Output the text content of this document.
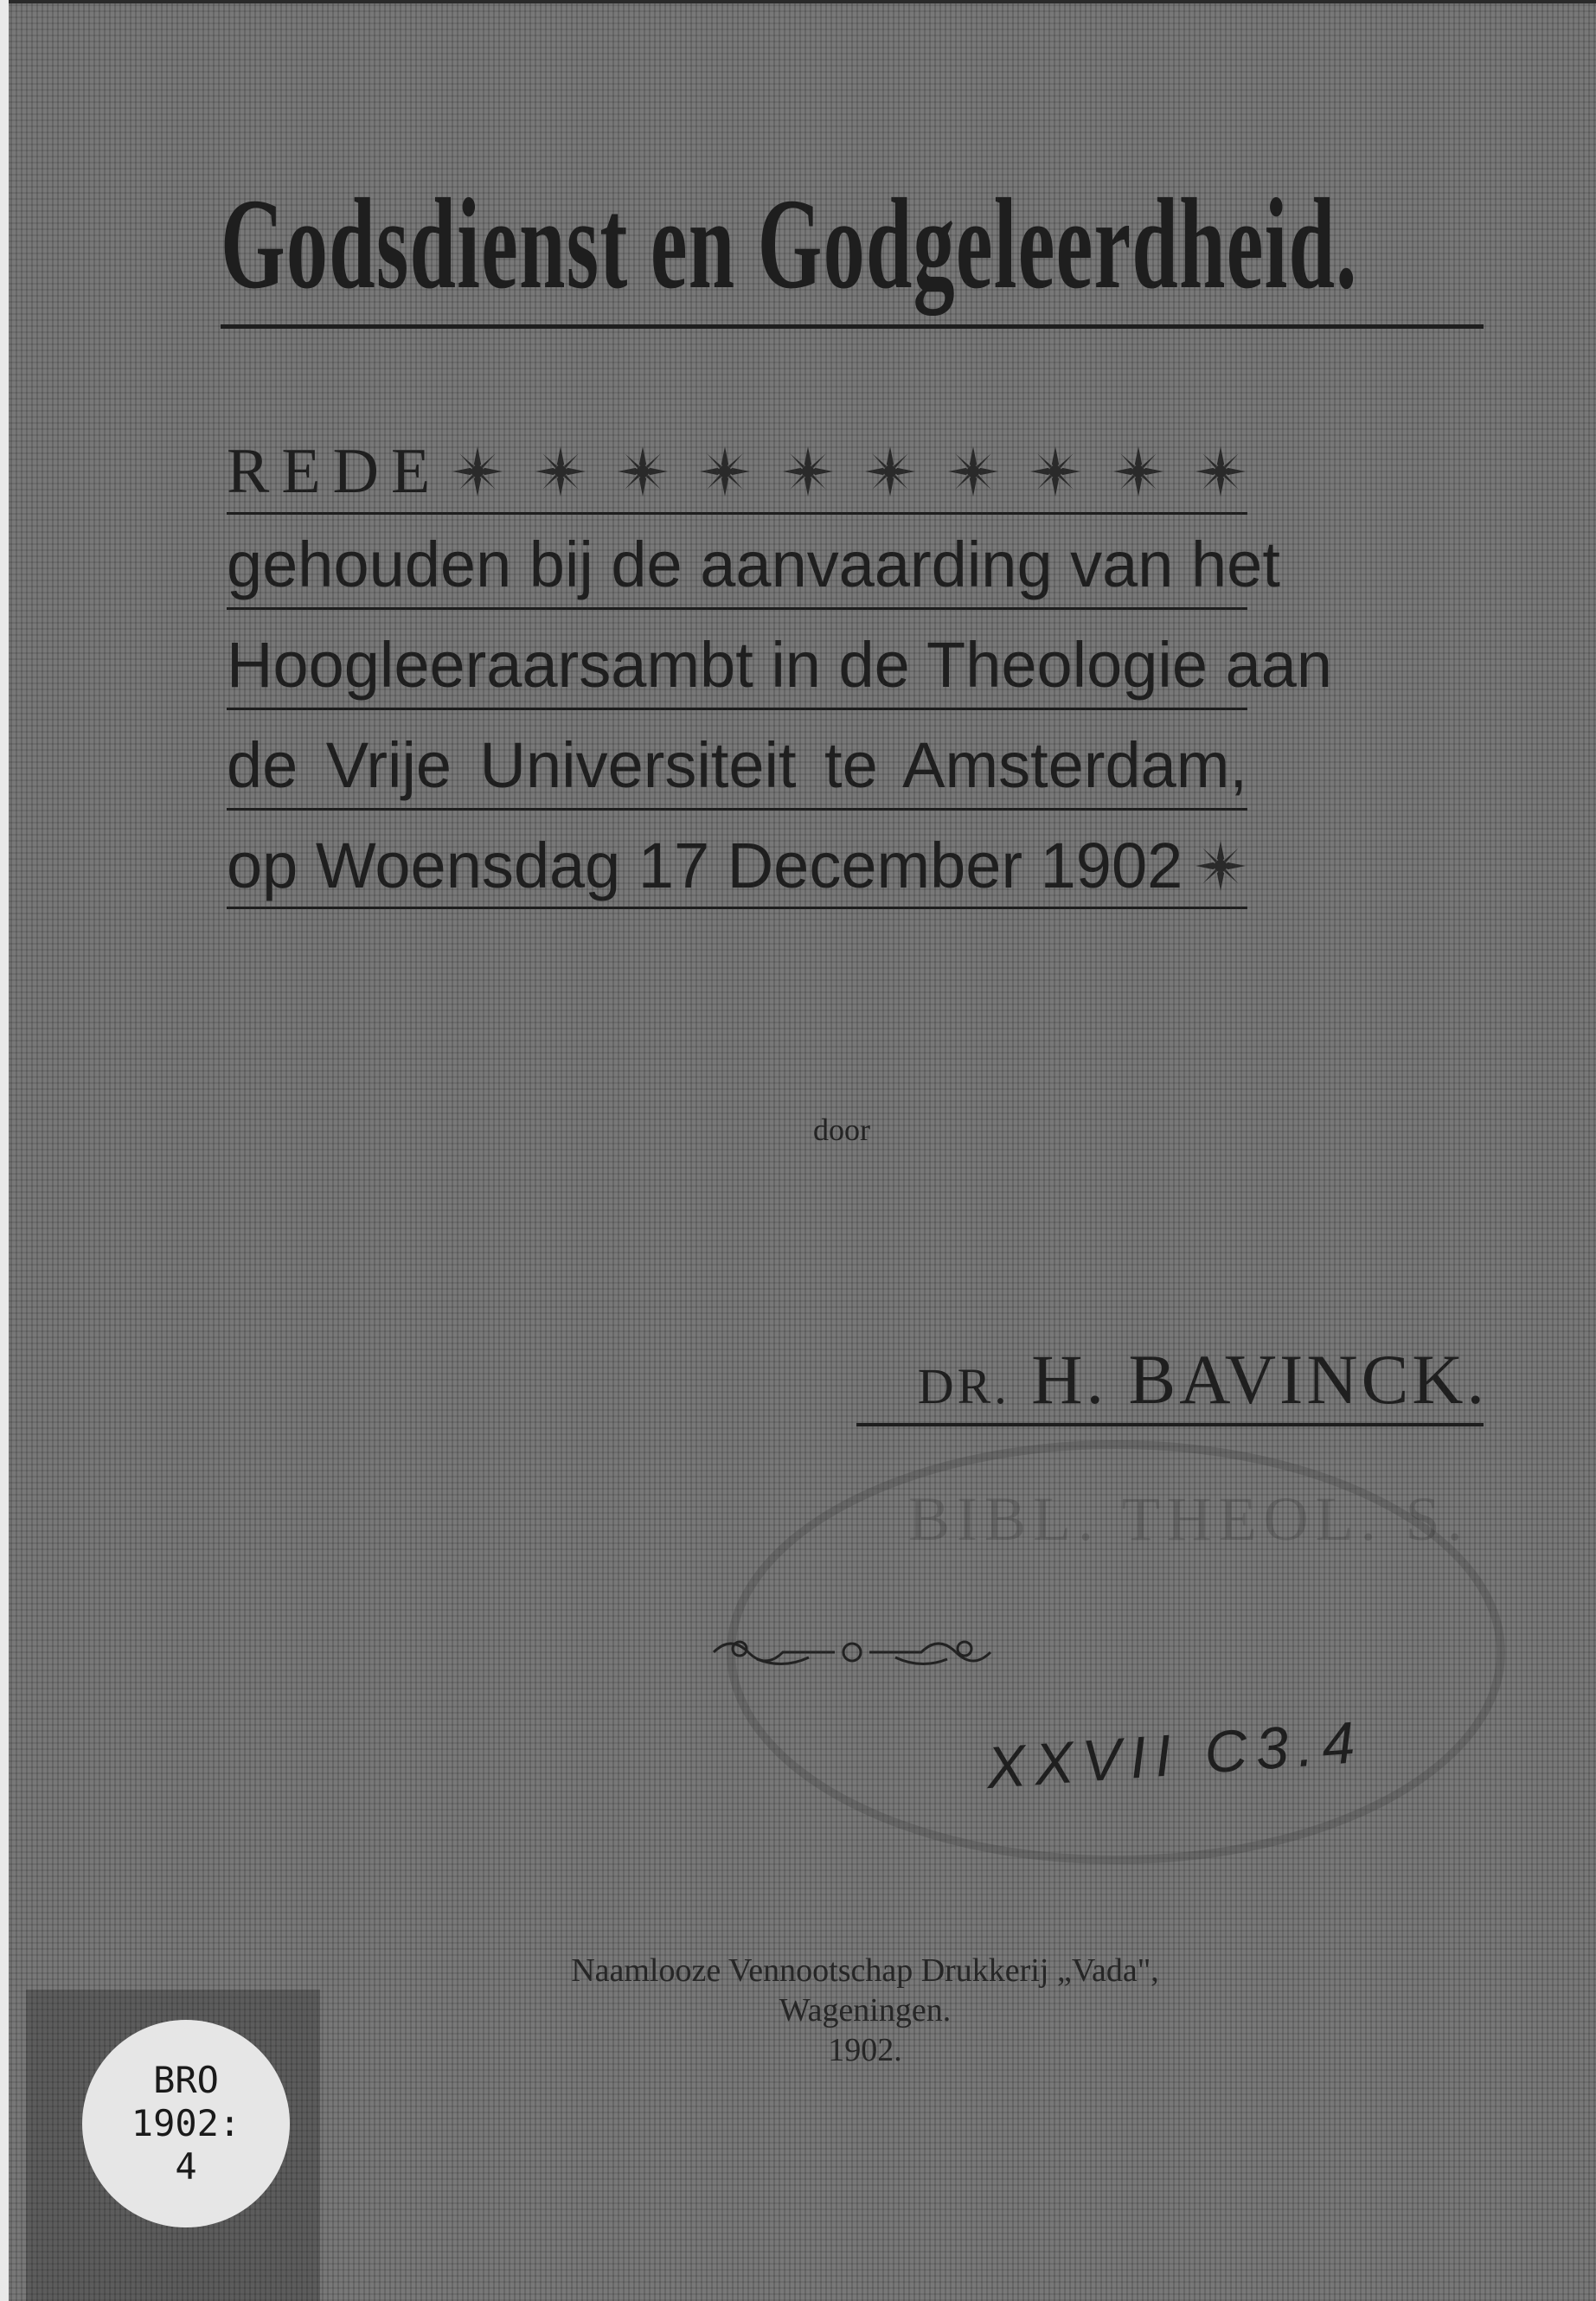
Godsdienst en Godgeleerdheid.
REDE

gehouden bij de aanvaarding van het

Hoogleeraarsambt in de Theologie aan

de Vrije Universiteit te Amsterdam,

op Woensdag 17 December 1902

door

BIBL. THEOL. S.

DR. H. BAVINCK.

XXVII C3.4

Naamlooze Vennootschap Drukkerij „Vada",
Wageningen.
1902.
BRO
1902:
4
